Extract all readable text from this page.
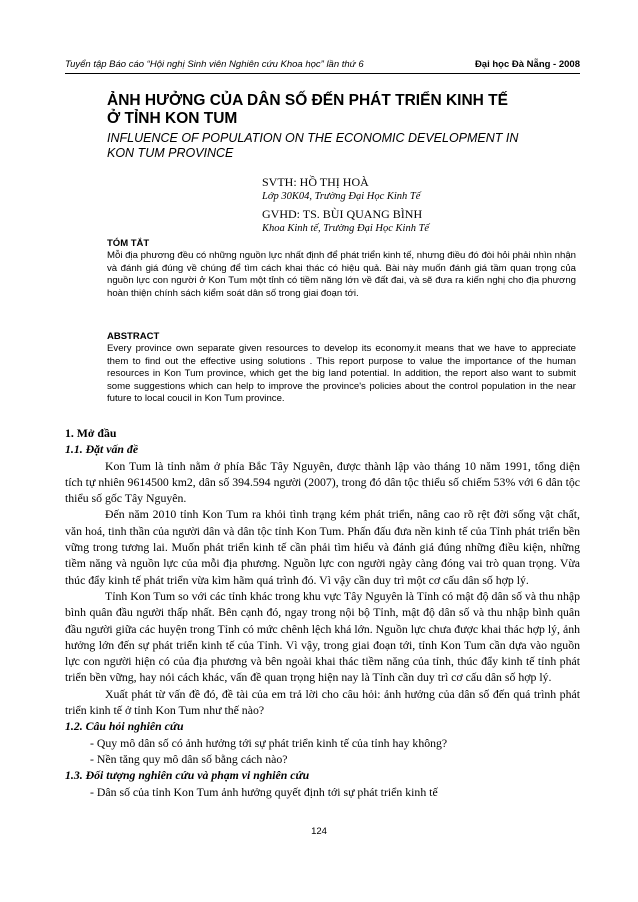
Tuyển tập Báo cáo “Hội nghị Sinh viên Nghiên cứu Khoa học” lần thứ 6	Đại học Đà Nẵng - 2008
ẢNH HƯỞNG CỦA DÂN SỐ ĐẾN PHÁT TRIỂN KINH TẾ
Ở TỈNH KON TUM
INFLUENCE OF POPULATION ON THE ECONOMIC DEVELOPMENT IN
KON TUM PROVINCE
SVTH: HỒ THỊ HOÀ
Lớp 30K04, Trường Đại Học Kinh Tế
GVHD: TS. BÙI QUANG BÌNH
Khoa Kinh tế, Trường Đại Học Kinh Tế
TÓM TẮT

Mỗi địa phương đều có những nguồn lực nhất định để phát triển kinh tế, nhưng điều đó đòi hỏi phải nhìn nhận và đánh giá đúng về chúng để tìm cách khai thác có hiệu quả. Bài này muốn đánh giá tầm quan trọng của nguồn lực con người ở Kon Tum một tỉnh có tiềm năng lớn về đất đai, và sẽ đưa ra kiến nghị cho địa phương hoàn thiện chính sách kiểm soát dân số trong giai đoạn tới.

ABSTRACT

Every province own separate given resources to develop its economy.it means that we have to appreciate them to find out the effective using solutions . This report purpose to value the importance of the human resources in Kon Tum province, which get the big land potential. In addition, the report also want to submit some suggestions which can help to improve the province's policies about the control population in the near future to local coucil in Kon Tum province.

1. Mở đầu
1.1. Đặt vấn đề

Kon Tum là tỉnh nằm ở phía Bắc Tây Nguyên, được thành lập vào tháng 10 năm 1991, tổng diện tích tự nhiên 9614500 km2, dân số 394.594 người (2007), trong đó dân tộc thiểu số chiếm 53% với 6 dân tộc thiểu số gốc Tây Nguyên.

Đến năm 2010 tỉnh Kon Tum ra khỏi tình trạng kém phát triển, nâng cao rõ rệt đời sống vật chất, văn hoá, tinh thần của người dân và dân tộc tỉnh Kon Tum. Phấn đấu đưa nền kinh tế của Tỉnh phát triển bền vững trong tương lai. Muốn phát triển kinh tế cần phải tìm hiểu và đánh giá đúng những điều kiện, những tiềm năng và nguồn lực của mỗi địa phương. Nguồn lực con người ngày càng đóng vai trò quan trọng. Vừa thúc đẩy kinh tế phát triển vừa kìm hãm quá trình đó. Vì vậy cần duy trì một cơ cấu dân số hợp lý.

Tỉnh Kon Tum so với các tỉnh khác trong khu vực Tây Nguyên là Tỉnh có mật độ dân số và thu nhập bình quân đầu người thấp nhất. Bên cạnh đó, ngay trong nội bộ Tỉnh, mật độ dân số và thu nhập bình quân đầu người giữa các huyện trong Tỉnh có mức chênh lệch khá lớn. Nguồn lực chưa được khai thác hợp lý, ảnh hưởng lớn đến sự phát triển kinh tế của Tỉnh. Vì vậy, trong giai đoạn tới, tỉnh Kon Tum cần dựa vào nguồn lực con người hiện có của địa phương và bên ngoài khai thác tiềm năng của tỉnh, thúc đẩy kinh tế tỉnh phát triển bền vững, hay nói cách khác, vấn đề quan trọng hiện nay là Tỉnh cần duy trì cơ cấu dân số hợp lý.

Xuất phát từ vấn đề đó, đề tài của em trả lời cho câu hỏi: ảnh hưởng của dân số đến quá trình phát triển kinh tế ở tỉnh Kon Tum như thế nào?

1.2. Câu hỏi nghiên cứu
- Quy mô dân số có ảnh hưởng tới sự phát triển kinh tế của tỉnh hay không?
- Nền tăng quy mô dân số bằng cách nào?
1.3. Đối tượng nghiên cứu và phạm vi nghiên cứu
- Dân số của tỉnh Kon Tum ảnh hưởng quyết định tới sự phát triển kinh tế
124
